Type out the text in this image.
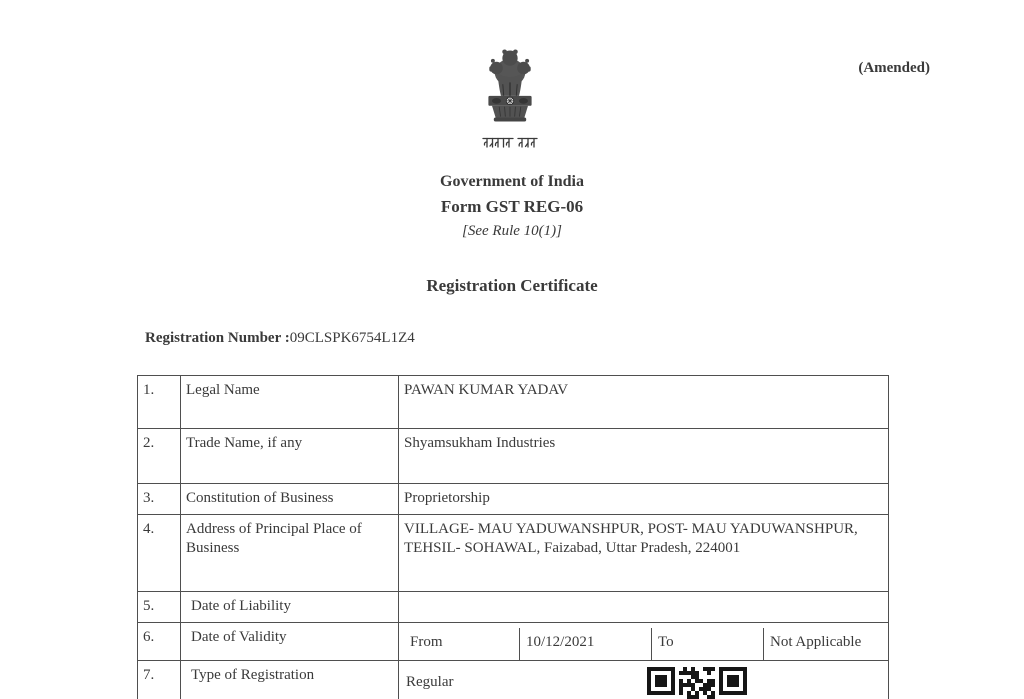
(Amended)

Government of India
Form GST REG-06
[See Rule 10(1)]
Registration Certificate
Registration Number :09CLSPK6754L1Z4
1.	Legal Name	PAWAN KUMAR YADAV
2.	Trade Name, if any	Shyamsukham Industries
3.	Constitution of Business	Proprietorship
4.	Address of Principal Place of Business	VILLAGE- MAU YADUWANSHPUR, POST- MAU YADUWANSHPUR, TEHSIL- SOHAWAL, Faizabad, Uttar Pradesh, 224001
5.	Date of Liability	
6.	Date of Validity	From 10/12/2021 To Not Applicable

7.	Type of Registration	Regular
